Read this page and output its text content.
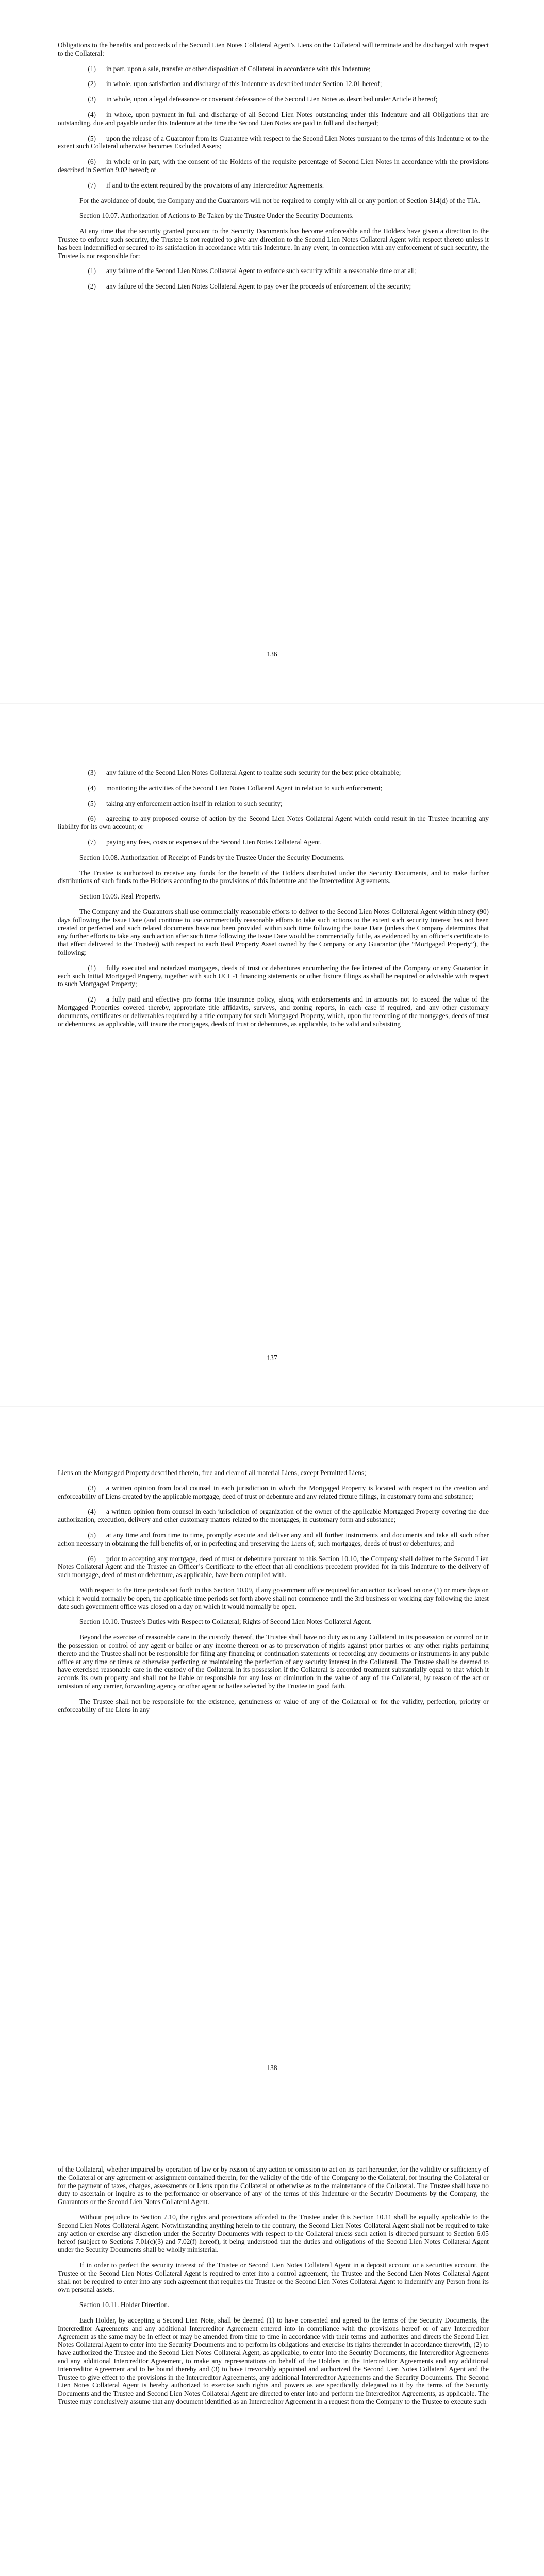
Obligations to the benefits and proceeds of the Second Lien Notes Collateral Agent’s Liens on the Collateral will terminate and be discharged with respect to the Collateral:

(1) in part, upon a sale, transfer or other disposition of Collateral in accordance with this Indenture;

(2) in whole, upon satisfaction and discharge of this Indenture as described under Section 12.01 hereof;

(3) in whole, upon a legal defeasance or covenant defeasance of the Second Lien Notes as described under Article 8 hereof;

(4) in whole, upon payment in full and discharge of all Second Lien Notes outstanding under this Indenture and all Obligations that are outstanding, due and payable under this Indenture at the time the Second Lien Notes are paid in full and discharged;

(5) upon the release of a Guarantor from its Guarantee with respect to the Second Lien Notes pursuant to the terms of this Indenture or to the extent such Collateral otherwise becomes Excluded Assets;

(6) in whole or in part, with the consent of the Holders of the requisite percentage of Second Lien Notes in accordance with the provisions described in Section 9.02 hereof; or

(7) if and to the extent required by the provisions of any Intercreditor Agreements.

For the avoidance of doubt, the Company and the Guarantors will not be required to comply with all or any portion of Section 314(d) of the TIA.

Section 10.07. Authorization of Actions to Be Taken by the Trustee Under the Security Documents.

At any time that the security granted pursuant to the Security Documents has become enforceable and the Holders have given a direction to the Trustee to enforce such security, the Trustee is not required to give any direction to the Second Lien Notes Collateral Agent with respect thereto unless it has been indemnified or secured to its satisfaction in accordance with this Indenture. In any event, in connection with any enforcement of such security, the Trustee is not responsible for:

(1) any failure of the Second Lien Notes Collateral Agent to enforce such security within a reasonable time or at all;

(2) any failure of the Second Lien Notes Collateral Agent to pay over the proceeds of enforcement of the security;

136

(3) any failure of the Second Lien Notes Collateral Agent to realize such security for the best price obtainable;

(4) monitoring the activities of the Second Lien Notes Collateral Agent in relation to such enforcement;

(5) taking any enforcement action itself in relation to such security;

(6) agreeing to any proposed course of action by the Second Lien Notes Collateral Agent which could result in the Trustee incurring any liability for its own account; or

(7) paying any fees, costs or expenses of the Second Lien Notes Collateral Agent.

Section 10.08. Authorization of Receipt of Funds by the Trustee Under the Security Documents.

The Trustee is authorized to receive any funds for the benefit of the Holders distributed under the Security Documents, and to make further distributions of such funds to the Holders according to the provisions of this Indenture and the Intercreditor Agreements.

Section 10.09. Real Property.

The Company and the Guarantors shall use commercially reasonable efforts to deliver to the Second Lien Notes Collateral Agent within ninety (90) days following the Issue Date (and continue to use commercially reasonable efforts to take such actions to the extent such security interest has not been created or perfected and such related documents have not been provided within such time following the Issue Date (unless the Company determines that any further efforts to take any such action after such time following the Issue Date would be commercially futile, as evidenced by an officer’s certificate to that effect delivered to the Trustee)) with respect to each Real Property Asset owned by the Company or any Guarantor (the “Mortgaged Property”), the following:

(1) fully executed and notarized mortgages, deeds of trust or debentures encumbering the fee interest of the Company or any Guarantor in each such Initial Mortgaged Property, together with such UCC-1 financing statements or other fixture filings as shall be required or advisable with respect to such Mortgaged Property;

(2) a fully paid and effective pro forma title insurance policy, along with endorsements and in amounts not to exceed the value of the Mortgaged Properties covered thereby, appropriate title affidavits, surveys, and zoning reports, in each case if required, and any other customary documents, certificates or deliverables required by a title company for such Mortgaged Property, which, upon the recording of the mortgages, deeds of trust or debentures, as applicable, will insure the mortgages, deeds of trust or debentures, as applicable, to be valid and subsisting

137

Liens on the Mortgaged Property described therein, free and clear of all material Liens, except Permitted Liens;

(3) a written opinion from local counsel in each jurisdiction in which the Mortgaged Property is located with respect to the creation and enforceability of Liens created by the applicable mortgage, deed of trust or debenture and any related fixture filings, in customary form and substance;

(4) a written opinion from counsel in each jurisdiction of organization of the owner of the applicable Mortgaged Property covering the due authorization, execution, delivery and other customary matters related to the mortgages, in customary form and substance;

(5) at any time and from time to time, promptly execute and deliver any and all further instruments and documents and take all such other action necessary in obtaining the full benefits of, or in perfecting and preserving the Liens of, such mortgages, deeds of trust or debentures; and

(6) prior to accepting any mortgage, deed of trust or debenture pursuant to this Section 10.10, the Company shall deliver to the Second Lien Notes Collateral Agent and the Trustee an Officer’s Certificate to the effect that all conditions precedent provided for in this Indenture to the delivery of such mortgage, deed of trust or debenture, as applicable, have been complied with.

With respect to the time periods set forth in this Section 10.09, if any government office required for an action is closed on one (1) or more days on which it would normally be open, the applicable time periods set forth above shall not commence until the 3rd business or working day following the latest date such government office was closed on a day on which it would normally be open.

Section 10.10. Trustee’s Duties with Respect to Collateral; Rights of Second Lien Notes Collateral Agent.

Beyond the exercise of reasonable care in the custody thereof, the Trustee shall have no duty as to any Collateral in its possession or control or in the possession or control of any agent or bailee or any income thereon or as to preservation of rights against prior parties or any other rights pertaining thereto and the Trustee shall not be responsible for filing any financing or continuation statements or recording any documents or instruments in any public office at any time or times or otherwise perfecting or maintaining the perfection of any security interest in the Collateral. The Trustee shall be deemed to have exercised reasonable care in the custody of the Collateral in its possession if the Collateral is accorded treatment substantially equal to that which it accords its own property and shall not be liable or responsible for any loss or diminution in the value of any of the Collateral, by reason of the act or omission of any carrier, forwarding agency or other agent or bailee selected by the Trustee in good faith.

The Trustee shall not be responsible for the existence, genuineness or value of any of the Collateral or for the validity, perfection, priority or enforceability of the Liens in any

138

of the Collateral, whether impaired by operation of law or by reason of any action or omission to act on its part hereunder, for the validity or sufficiency of the Collateral or any agreement or assignment contained therein, for the validity of the title of the Company to the Collateral, for insuring the Collateral or for the payment of taxes, charges, assessments or Liens upon the Collateral or otherwise as to the maintenance of the Collateral. The Trustee shall have no duty to ascertain or inquire as to the performance or observance of any of the terms of this Indenture or the Security Documents by the Company, the Guarantors or the Second Lien Notes Collateral Agent.

Without prejudice to Section 7.10, the rights and protections afforded to the Trustee under this Section 10.11 shall be equally applicable to the Second Lien Notes Collateral Agent. Notwithstanding anything herein to the contrary, the Second Lien Notes Collateral Agent shall not be required to take any action or exercise any discretion under the Security Documents with respect to the Collateral unless such action is directed pursuant to Section 6.05 hereof (subject to Sections 7.01(c)(3) and 7.02(f) hereof), it being understood that the duties and obligations of the Second Lien Notes Collateral Agent under the Security Documents shall be wholly ministerial.

If in order to perfect the security interest of the Trustee or Second Lien Notes Collateral Agent in a deposit account or a securities account, the Trustee or the Second Lien Notes Collateral Agent is required to enter into a control agreement, the Trustee and the Second Lien Notes Collateral Agent shall not be required to enter into any such agreement that requires the Trustee or the Second Lien Notes Collateral Agent to indemnify any Person from its own personal assets.

Section 10.11. Holder Direction.

Each Holder, by accepting a Second Lien Note, shall be deemed (1) to have consented and agreed to the terms of the Security Documents, the Intercreditor Agreements and any additional Intercreditor Agreement entered into in compliance with the provisions hereof or of any Intercreditor Agreement as the same may be in effect or may be amended from time to time in accordance with their terms and authorizes and directs the Second Lien Notes Collateral Agent to enter into the Security Documents and to perform its obligations and exercise its rights thereunder in accordance therewith, (2) to have authorized the Trustee and the Second Lien Notes Collateral Agent, as applicable, to enter into the Security Documents, the Intercreditor Agreements and any additional Intercreditor Agreement, to make any representations on behalf of the Holders in the Intercreditor Agreements and any additional Intercreditor Agreement and to be bound thereby and (3) to have irrevocably appointed and authorized the Second Lien Notes Collateral Agent and the Trustee to give effect to the provisions in the Intercreditor Agreements, any additional Intercreditor Agreements and the Security Documents. The Second Lien Notes Collateral Agent is hereby authorized to exercise such rights and powers as are specifically delegated to it by the terms of the Security Documents and the Trustee and Second Lien Notes Collateral Agent are directed to enter into and perform the Intercreditor Agreements, as applicable. The Trustee may conclusively assume that any document identified as an Intercreditor Agreement in a request from the Company to the Trustee to execute such
